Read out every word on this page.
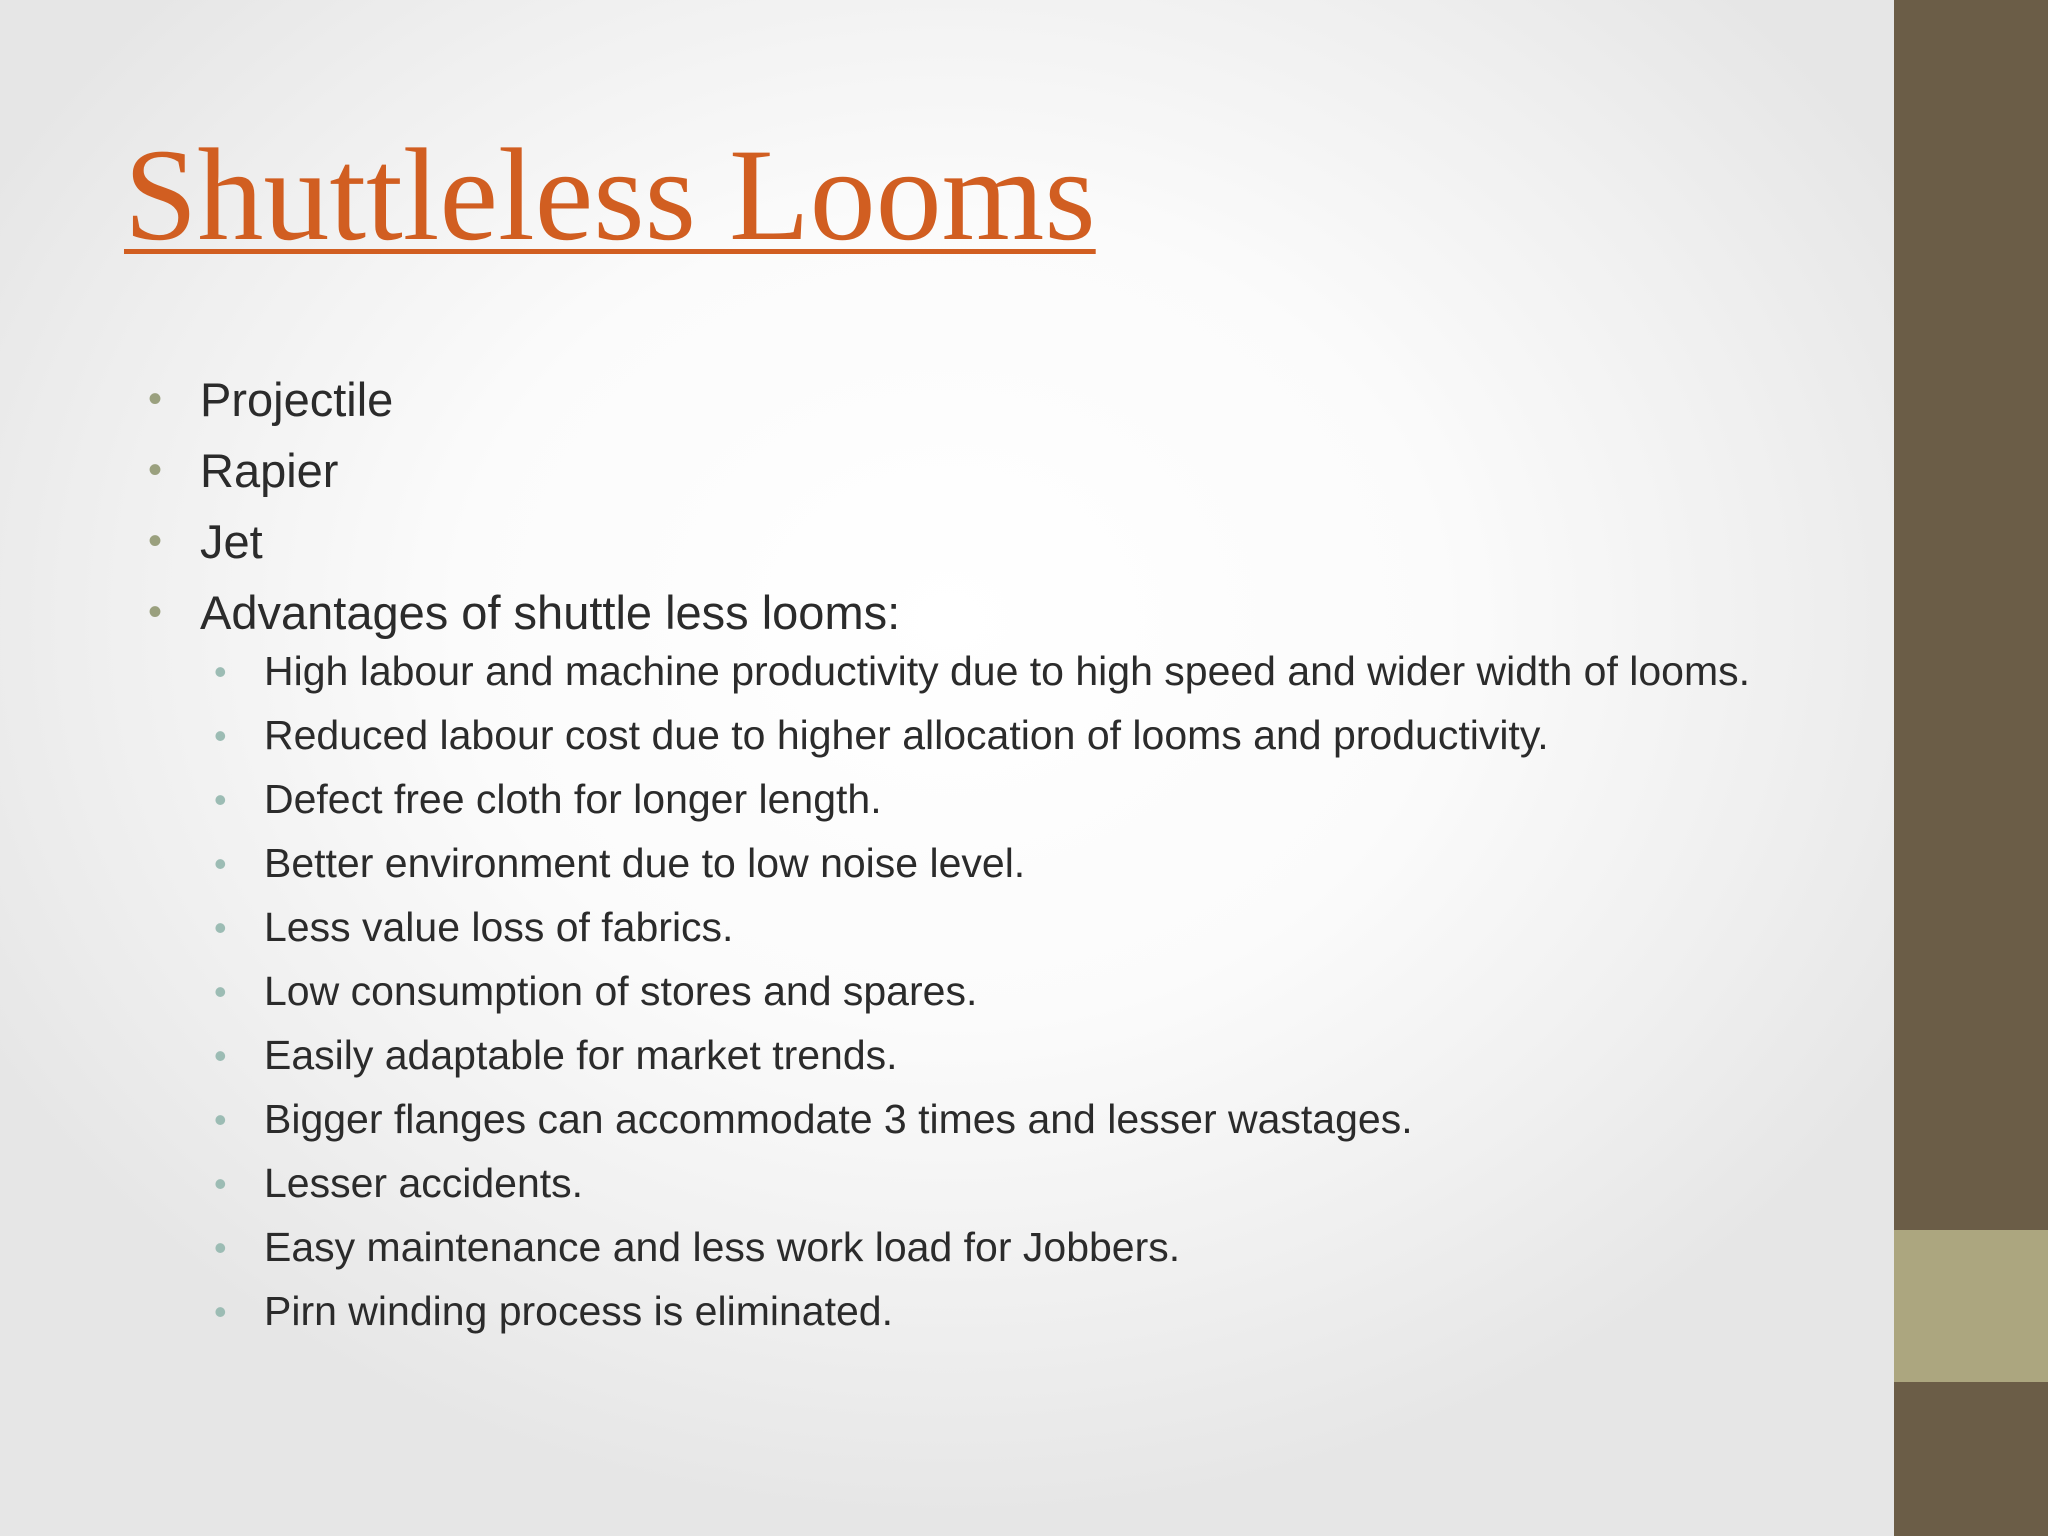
Shuttleless Looms
• Projectile
• Rapier
• Jet
• Advantages of shuttle less looms:
• High labour and machine productivity due to high speed and wider width of looms.
• Reduced labour cost due to higher allocation of looms and productivity.
• Defect free cloth for longer length.
• Better environment due to low noise level.
• Less value loss of fabrics.
• Low consumption of stores and spares.
• Easily adaptable for market trends.
• Bigger flanges can accommodate 3 times and lesser wastages.
• Lesser accidents.
• Easy maintenance and less work load for Jobbers.
• Pirn winding process is eliminated.
